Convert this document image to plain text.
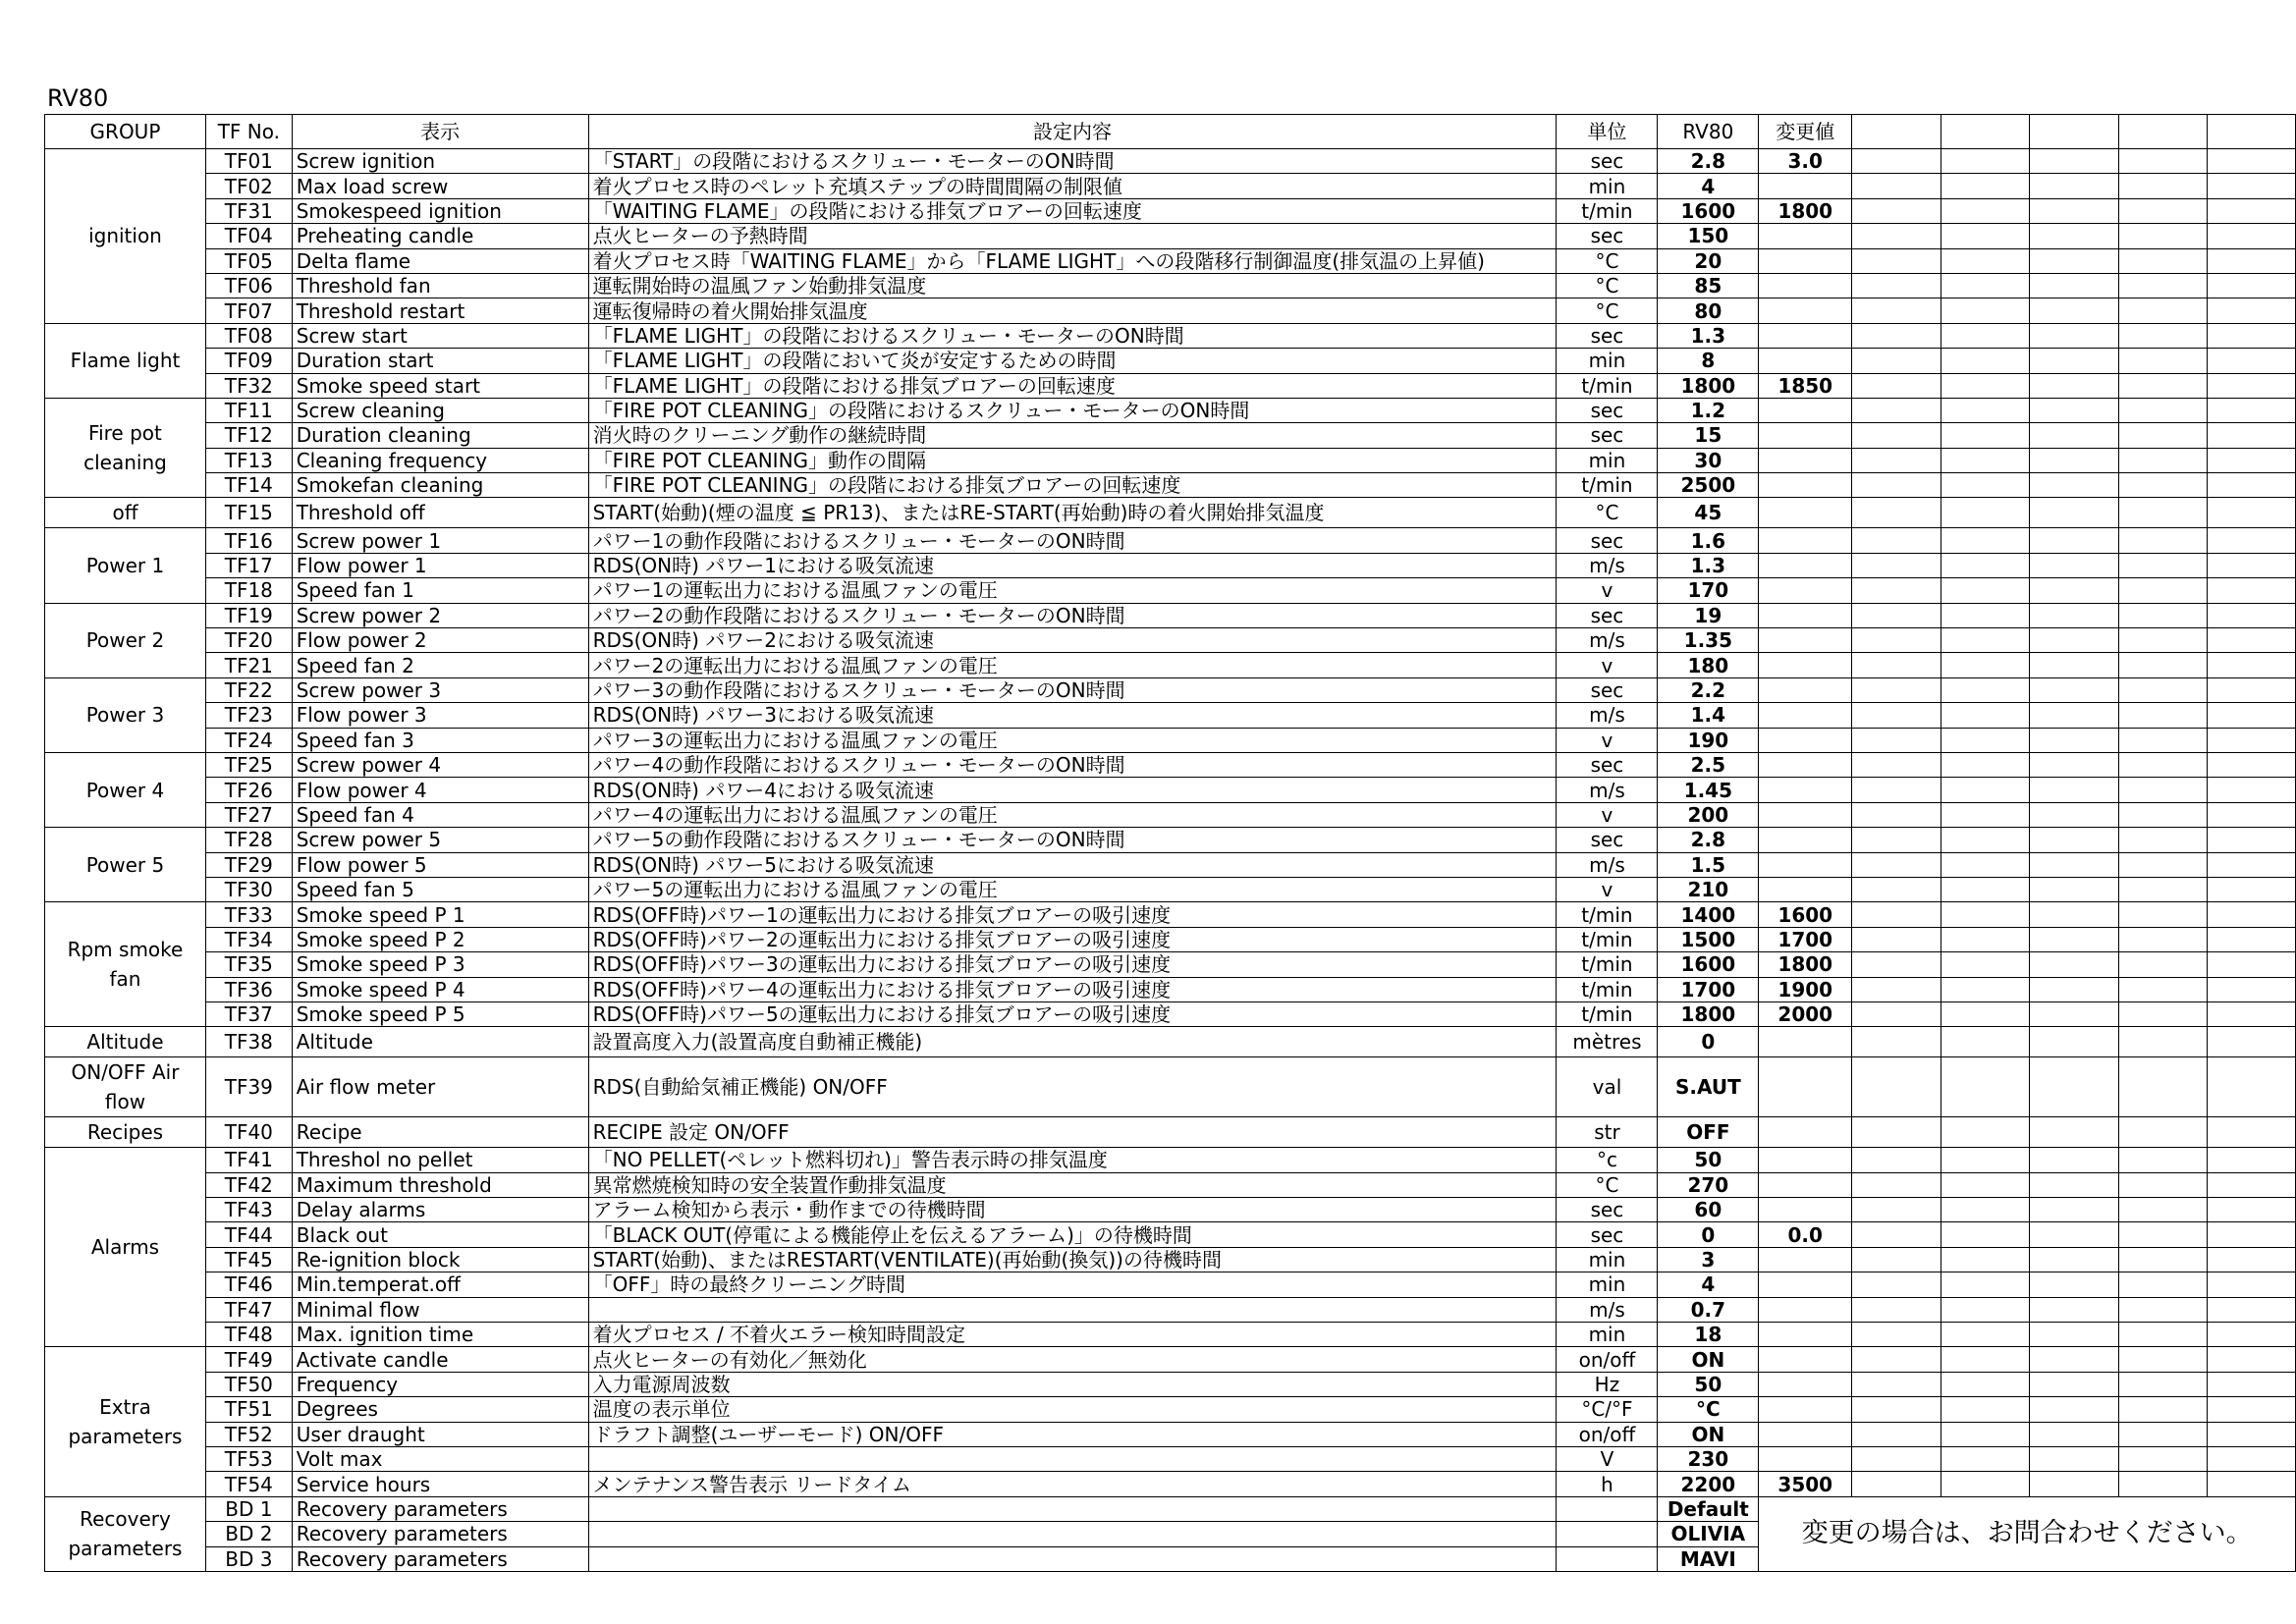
RV80
GROUP	TF No.	表示	設定内容	単位	RV80	変更値					
ignition	TF01	Screw ignition	「START」の段階におけるスクリュー・モーターのON時間	sec	2.8	3.0					
	TF02	Max load screw	着火プロセス時のペレット充填ステップの時間間隔の制限値	min	4						
	TF31	Smokespeed ignition	「WAITING FLAME」の段階における排気ブロアーの回転速度	t/min	1600	1800					
	TF04	Preheating candle	点火ヒーターの予熱時間	sec	150						
	TF05	Delta flame	着火プロセス時「WAITING FLAME」から「FLAME LIGHT」への段階移行制御温度(排気温の上昇値)	°C	20						
	TF06	Threshold fan	運転開始時の温風ファン始動排気温度	°C	85						
	TF07	Threshold restart	運転復帰時の着火開始排気温度	°C	80						
Flame light	TF08	Screw start	「FLAME LIGHT」の段階におけるスクリュー・モーターのON時間	sec	1.3						
	TF09	Duration start	「FLAME LIGHT」の段階において炎が安定するための時間	min	8						
	TF32	Smoke speed start	「FLAME LIGHT」の段階における排気ブロアーの回転速度	t/min	1800	1850					
Fire pot cleaning	TF11	Screw cleaning	「FIRE POT CLEANING」の段階におけるスクリュー・モーターのON時間	sec	1.2						
	TF12	Duration cleaning	消火時のクリーニング動作の継続時間	sec	15						
	TF13	Cleaning frequency	「FIRE POT CLEANING」動作の間隔	min	30						
	TF14	Smokefan cleaning	「FIRE POT CLEANING」の段階における排気ブロアーの回転速度	t/min	2500						
off	TF15	Threshold off	START(始動)(煙の温度 ≦ PR13)、またはRE-START(再始動)時の着火開始排気温度	°C	45						
Power 1	TF16	Screw power 1	パワー1の動作段階におけるスクリュー・モーターのON時間	sec	1.6						
	TF17	Flow power 1	RDS(ON時) パワー1における吸気流速	m/s	1.3						
	TF18	Speed fan 1	パワー1の運転出力における温風ファンの電圧	v	170						
Power 2	TF19	Screw power 2	パワー2の動作段階におけるスクリュー・モーターのON時間	sec	19						
	TF20	Flow power 2	RDS(ON時) パワー2における吸気流速	m/s	1.35						
	TF21	Speed fan 2	パワー2の運転出力における温風ファンの電圧	v	180						
Power 3	TF22	Screw power 3	パワー3の動作段階におけるスクリュー・モーターのON時間	sec	2.2						
	TF23	Flow power 3	RDS(ON時) パワー3における吸気流速	m/s	1.4						
	TF24	Speed fan 3	パワー3の運転出力における温風ファンの電圧	v	190						
Power 4	TF25	Screw power 4	パワー4の動作段階におけるスクリュー・モーターのON時間	sec	2.5						
	TF26	Flow power 4	RDS(ON時) パワー4における吸気流速	m/s	1.45						
	TF27	Speed fan 4	パワー4の運転出力における温風ファンの電圧	v	200						
Power 5	TF28	Screw power 5	パワー5の動作段階におけるスクリュー・モーターのON時間	sec	2.8						
	TF29	Flow power 5	RDS(ON時) パワー5における吸気流速	m/s	1.5						
	TF30	Speed fan 5	パワー5の運転出力における温風ファンの電圧	v	210						
Rpm smoke fan	TF33	Smoke speed P 1	RDS(OFF時)パワー1の運転出力における排気ブロアーの吸引速度	t/min	1400	1600					
	TF34	Smoke speed P 2	RDS(OFF時)パワー2の運転出力における排気ブロアーの吸引速度	t/min	1500	1700					
	TF35	Smoke speed P 3	RDS(OFF時)パワー3の運転出力における排気ブロアーの吸引速度	t/min	1600	1800					
	TF36	Smoke speed P 4	RDS(OFF時)パワー4の運転出力における排気ブロアーの吸引速度	t/min	1700	1900					
	TF37	Smoke speed P 5	RDS(OFF時)パワー5の運転出力における排気ブロアーの吸引速度	t/min	1800	2000					
Altitude	TF38	Altitude	設置高度入力(設置高度自動補正機能)	mètres	0						
ON/OFF Air flow	TF39	Air flow meter	RDS(自動給気補正機能) ON/OFF	val	S.AUT						
Recipes	TF40	Recipe	RECIPE 設定 ON/OFF	str	OFF						
Alarms	TF41	Threshol no pellet	「NO PELLET(ペレット燃料切れ)」警告表示時の排気温度	°c	50						
	TF42	Maximum threshold	異常燃焼検知時の安全装置作動排気温度	°C	270						
	TF43	Delay alarms	アラーム検知から表示・動作までの待機時間	sec	60						
	TF44	Black out	「BLACK OUT(停電による機能停止を伝えるアラーム)」の待機時間	sec	0	0.0					
	TF45	Re-ignition block	START(始動)、またはRESTART(VENTILATE)(再始動(換気))の待機時間	min	3						
	TF46	Min.temperat.off	「OFF」時の最終クリーニング時間	min	4						
	TF47	Minimal flow		m/s	0.7						
	TF48	Max. ignition time	着火プロセス / 不着火エラー検知時間設定	min	18						
Extra parameters	TF49	Activate candle	点火ヒーターの有効化／無効化	on/off	ON						
	TF50	Frequency	入力電源周波数	Hz	50						
	TF51	Degrees	温度の表示単位	°C/°F	°C						
	TF52	User draught	ドラフト調整(ユーザーモード) ON/OFF	on/off	ON						
	TF53	Volt max		V	230						
	TF54	Service hours	メンテナンス警告表示 リードタイム	h	2200	3500					
Recovery parameters	BD 1	Recovery parameters			Default	変更の場合は、お問合わせください。					
	BD 2	Recovery parameters			OLIVIA						
	BD 3	Recovery parameters			MAVI						
